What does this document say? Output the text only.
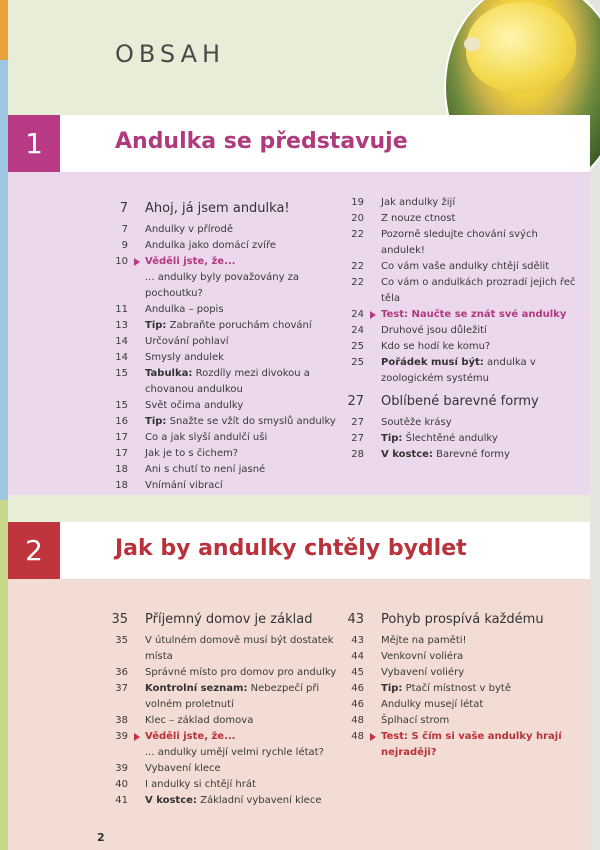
OBSAH
1	Andulka se představuje
7 Ahoj, já jsem andulka!
7 Andulky v přírodě
9 Andulka jako domácí zvíře
10 Věděli jste, že...
... andulky byly považovány za pochoutku?
11 Andulka – popis
13 Tip: Zabraňte poruchám chování
14 Určování pohlaví
14 Smysly andulek
15 Tabulka: Rozdíly mezi divokou a chovanou andulkou
15 Svět očima andulky
16 Tip: Snažte se vžít do smyslů andulky
17 Co a jak slyší andulčí uši
17 Jak je to s čichem?
18 Ani s chutí to není jasné
18 Vnímání vibrací
19 Jak andulky žijí
20 Z nouze ctnost
22 Pozorně sledujte chování svých andulek!
22 Co vám vaše andulky chtějí sdělit
22 Co vám o andulkách prozradí jejich řeč těla
24 Test: Naučte se znát své andulky
24 Druhové jsou důležití
25 Kdo se hodí ke komu?
25 Pořádek musí být: andulka v zoologickém systému
27 Oblíbené barevné formy
27 Soutěže krásy
27 Tip: Šlechtěné andulky
28 V kostce: Barevné formy
2	Jak by andulky chtěly bydlet
35 Příjemný domov je základ
35 V útulném domově musí být dostatek místa
36 Správné místo pro domov pro andulky
37 Kontrolní seznam: Nebezpečí při volném proletnutí
38 Klec – základ domova
39 Věděli jste, že...
... andulky umějí velmi rychle létat?
39 Vybavení klece
40 I andulky si chtějí hrát
41 V kostce: Základní vybavení klece
43 Pohyb prospívá každému
43 Mějte na paměti!
44 Venkovní voliéra
45 Vybavení voliéry
46 Tip: Ptačí místnost v bytě
46 Andulky musejí létat
48 Šplhací strom
48 Test: S čím si vaše andulky hrají nejraději?
2
